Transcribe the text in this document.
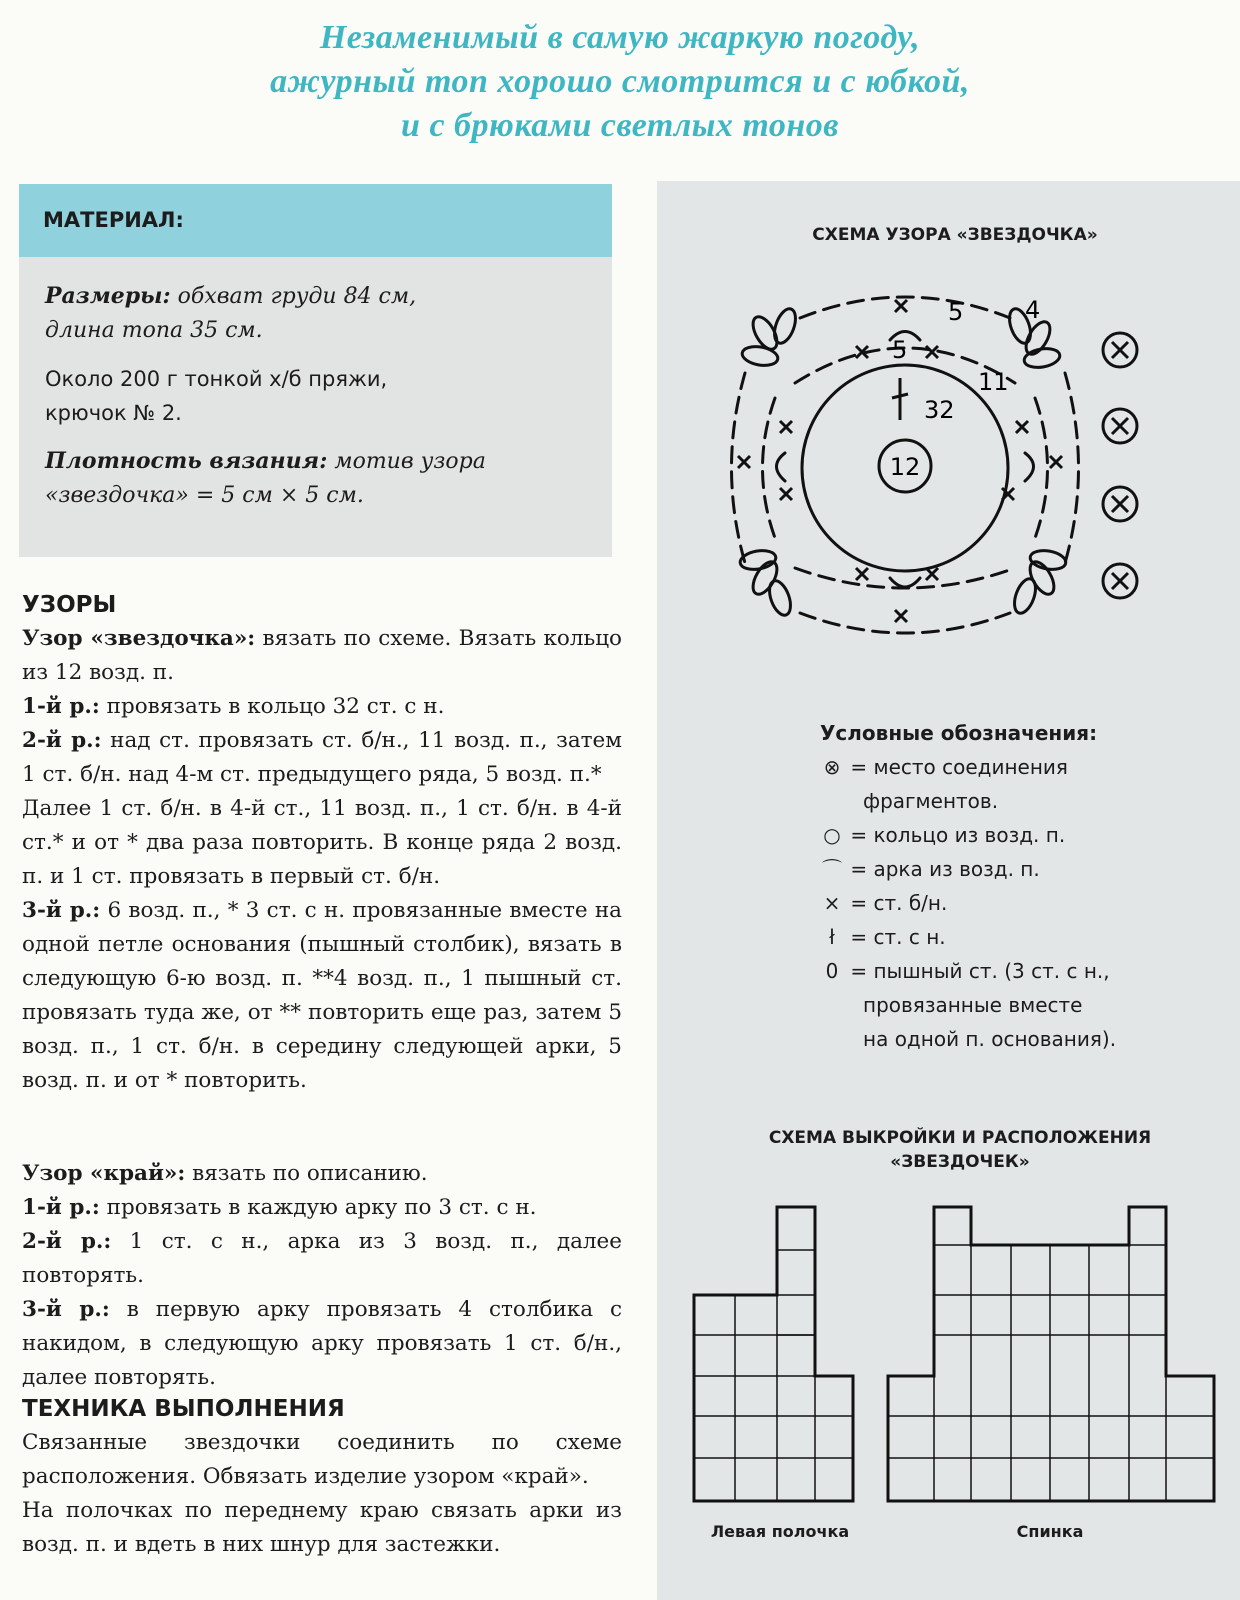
Незаменимый в самую жаркую погоду,
ажурный топ хорошо смотрится и с юбкой,
и с брюками светлых тонов
МАТЕРИАЛ:

Размеры: обхват груди 84 см,
длина топа 35 см.

Около 200 г тонкой х/б пряжи,
крючок № 2.

Плотность вязания: мотив узора
«звездочка» = 5 см × 5 см.

УЗОРЫ

Узор «звездочка»: вязать по схеме. Вязать кольцо из 12 возд. п.

1-й р.: провязать в кольцо 32 ст. с н.

2-й р.: над ст. провязать ст. б/н., 11 возд. п., затем 1 ст. б/н. над 4-м ст. предыдущего ряда, 5 возд. п.*

Далее 1 ст. б/н. в 4-й ст., 11 возд. п., 1 ст. б/н. в 4-й ст.* и от * два раза повторить. В конце ряда 2 возд. п. и 1 ст. провязать в первый ст. б/н.

3-й р.: 6 возд. п., * 3 ст. с н. провязанные вместе на одной петле основания (пышный столбик), вязать в следующую 6-ю возд. п. **4 возд. п., 1 пышный ст. провязать туда же, от ** повторить еще раз, затем 5 возд. п., 1 ст. б/н. в середину следующей арки, 5 возд. п. и от * повторить.

Узор «край»: вязать по описанию.

1-й р.: провязать в каждую арку по 3 ст. с н.

2-й р.: 1 ст. с н., арка из 3 возд. п., далее повторять.

3-й р.: в первую арку провязать 4 столбика с накидом, в следующую арку провязать 1 ст. б/н., далее повторять.

ТЕХНИКА ВЫПОЛНЕНИЯ

Связанные звездочки соединить по схеме расположения. Обвязать изделие узором «край».

На полочках по переднему краю связать арки из возд. п. и вдеть в них шнур для застежки.

СХЕМА УЗОРА «ЗВЕЗДОЧКА»
12
32
11
5
5	4
Условные обозначения:
⊗ = место соединения
фрагментов.
○ = кольцо из возд. п.
⌒ = арка из возд. п.
× = ст. б/н.
ł = ст. с н.
0 = пышный ст. (3 ст. с н.,
провязанные вместе
на одной п. основания).
СХЕМА ВЫКРОЙКИ И РАСПОЛОЖЕНИЯ
«ЗВЕЗДОЧЕК»
Левая полочка	Спинка
